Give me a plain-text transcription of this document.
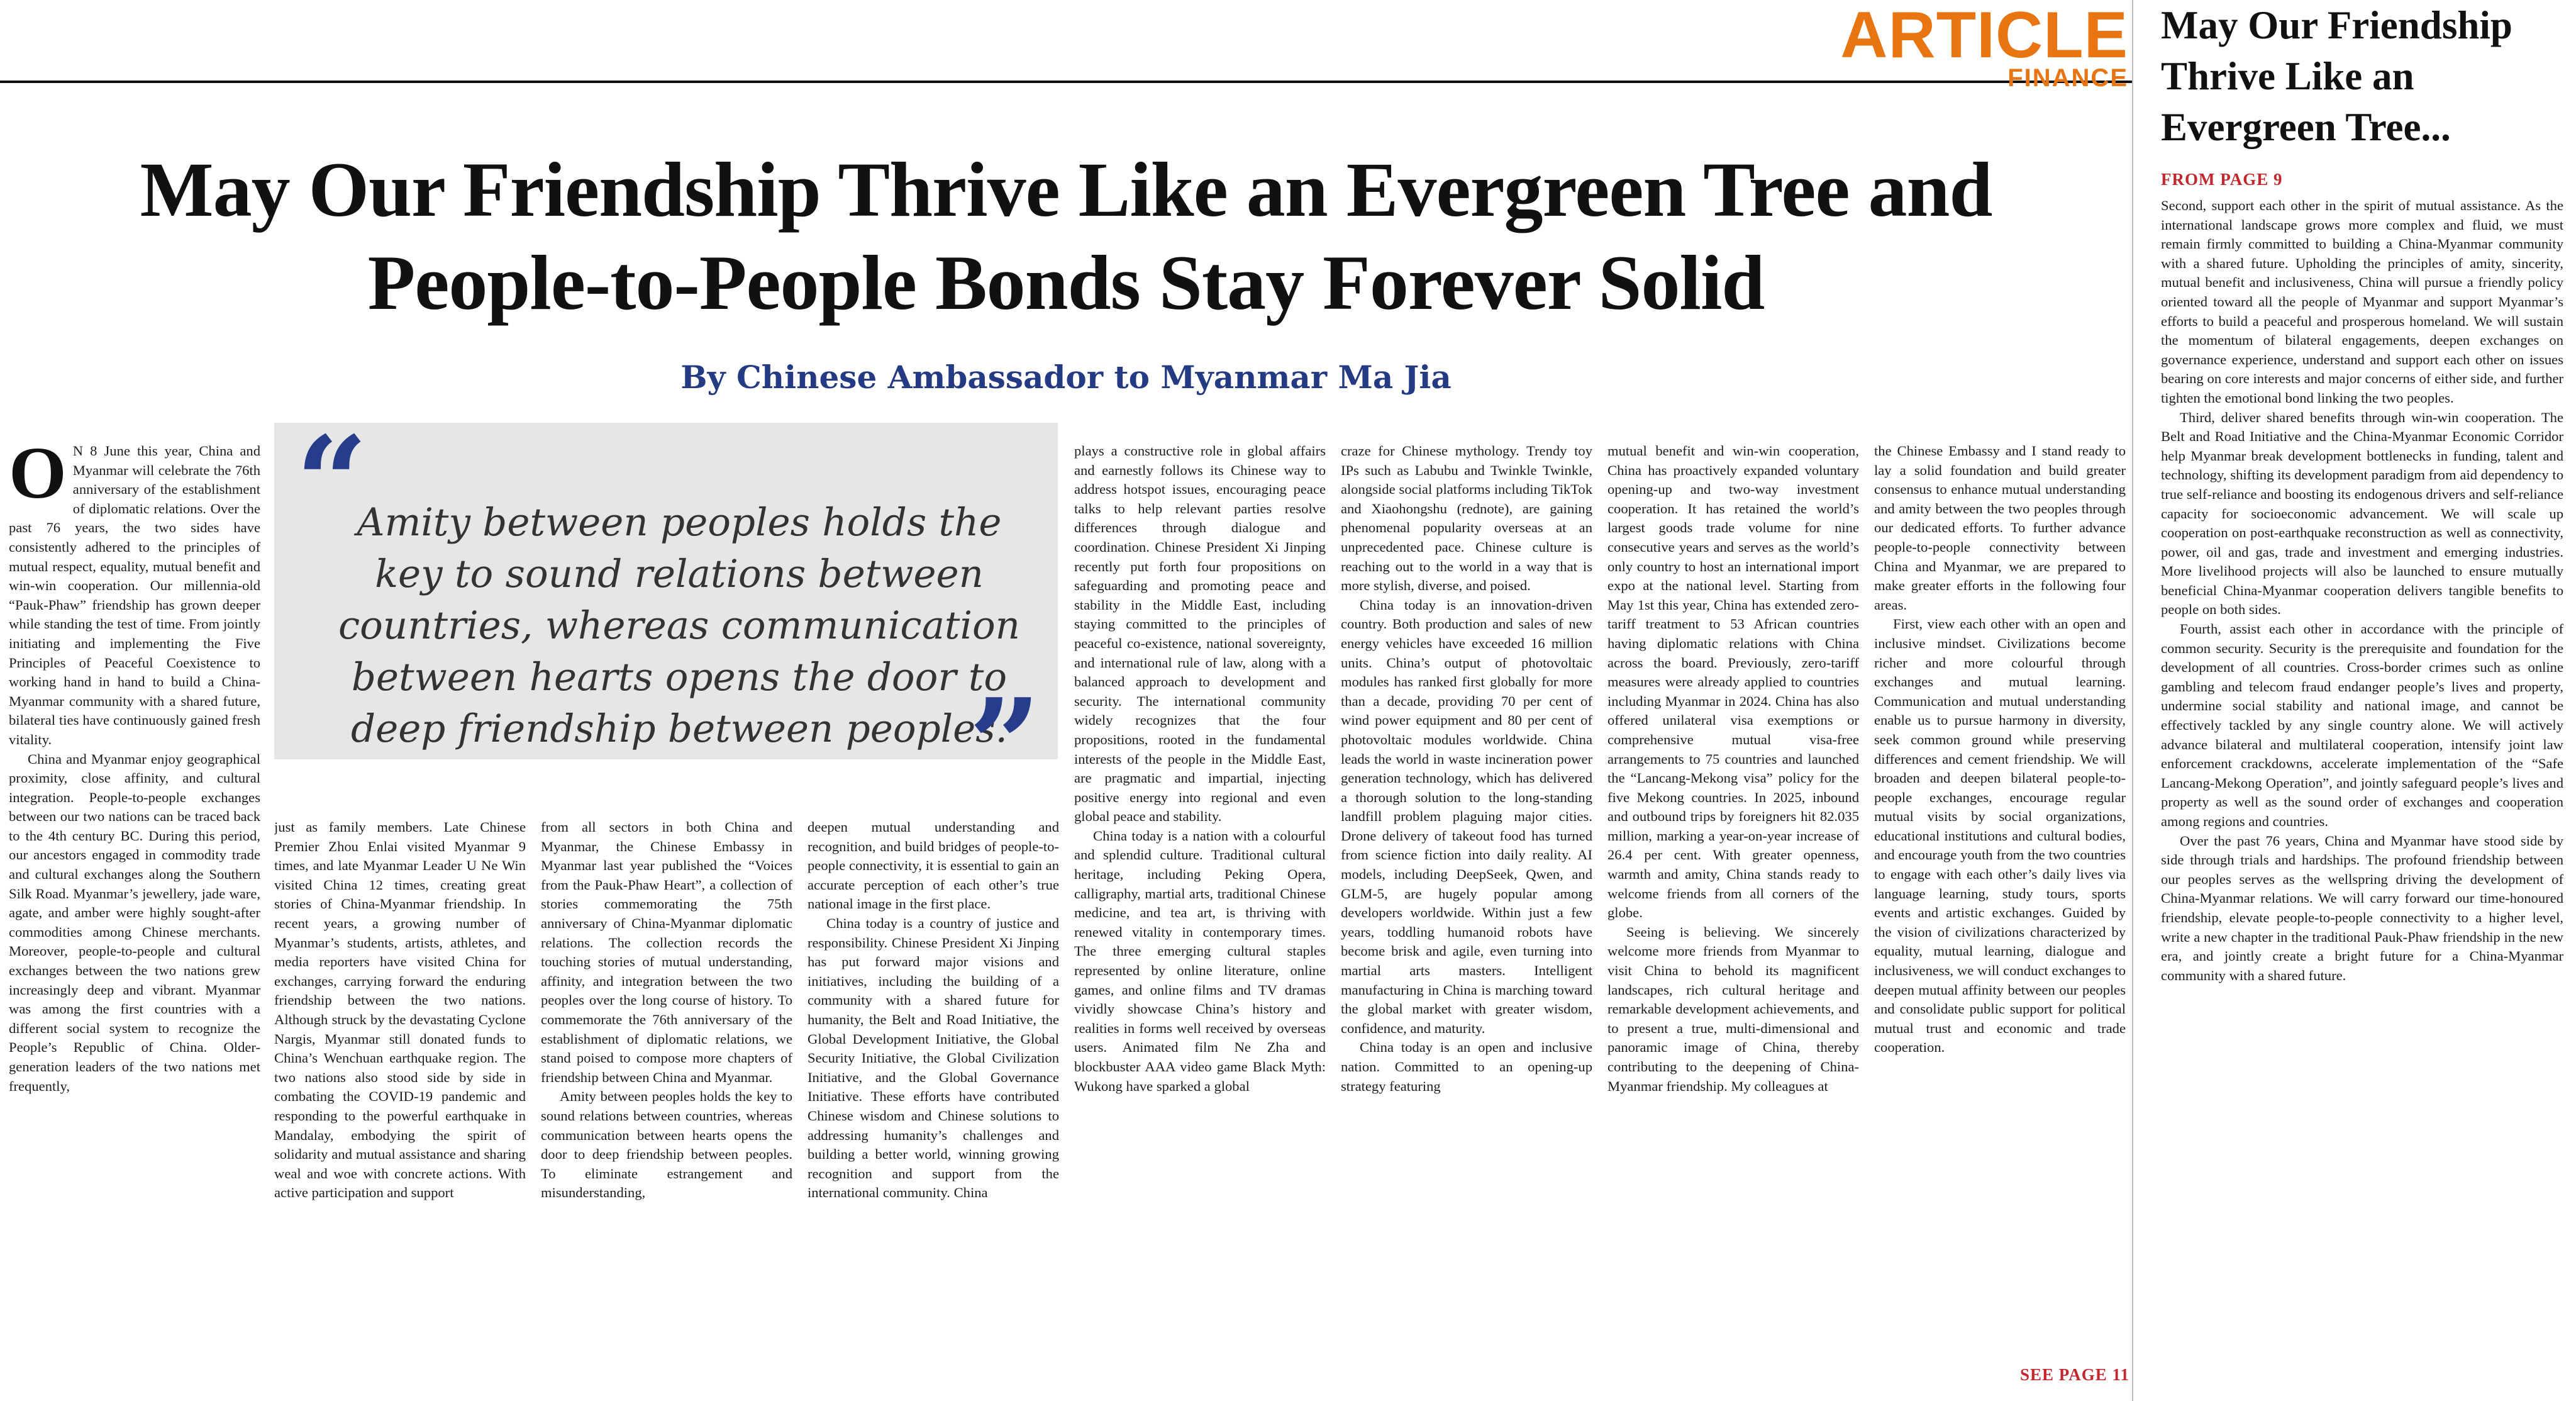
ARTICLE
FINANCE
May Our Friendship Thrive Like an Evergreen Tree and People-to-People Bonds Stay Forever Solid
By Chinese Ambassador to Myanmar Ma Jia

O N 8 June this year, China and Myanmar will celebrate the 76th anniversary of the establishment of diplomatic relations. Over the past 76 years, the two sides have consistently adhered to the principles of mutual respect, equality, mutual benefit and win-win cooperation. Our millennia-old “Pauk-Phaw” friendship has grown deeper while standing the test of time. From jointly initiating and implementing the Five Principles of Peaceful Coexistence to working hand in hand to build a China-Myanmar community with a shared future, bilateral ties have continuously gained fresh vitality.

China and Myanmar enjoy geographical proximity, close affinity, and cultural integration. People-to-people exchanges between our two nations can be traced back to the 4th century BC. During this period, our ancestors engaged in commodity trade and cultural exchanges along the Southern Silk Road. Myanmar’s jewellery, jade ware, agate, and amber were highly sought-after commodities among Chinese merchants. Moreover, people-to-people and cultural exchanges between the two nations grew increasingly deep and vibrant. Myanmar was among the first countries with a different social system to recognize the People’s Republic of China. Older-generation leaders of the two nations met frequently,

“
Amity between peoples holds the key to sound relations between countries, whereas communication between hearts opens the door to deep friendship between peoples.
”

just as family members. Late Chinese Premier Zhou Enlai visited Myanmar 9 times, and late Myanmar Leader U Ne Win visited China 12 times, creating great stories of China-Myanmar friendship. In recent years, a growing number of Myanmar’s students, artists, athletes, and media reporters have visited China for exchanges, carrying forward the enduring friendship between the two nations. Although struck by the devastating Cyclone Nargis, Myanmar still donated funds to China’s Wenchuan earthquake region. The two nations also stood side by side in combating the COVID-19 pandemic and responding to the powerful earthquake in Mandalay, embodying the spirit of solidarity and mutual assistance and sharing weal and woe with concrete actions. With active participation and support

from all sectors in both China and Myanmar, the Chinese Embassy in Myanmar last year published the “Voices from the Pauk-Phaw Heart”, a collection of stories commemorating the 75th anniversary of China-Myanmar diplomatic relations. The collection records the touching stories of mutual understanding, affinity, and integration between the two peoples over the long course of history. To commemorate the 76th anniversary of the establishment of diplomatic relations, we stand poised to compose more chapters of friendship between China and Myanmar.

Amity between peoples holds the key to sound relations between countries, whereas communication between hearts opens the door to deep friendship between peoples. To eliminate estrangement and misunderstanding,

deepen mutual understanding and recognition, and build bridges of people-to-people connectivity, it is essential to gain an accurate perception of each other’s true national image in the first place.

China today is a country of justice and responsibility. Chinese President Xi Jinping has put forward major visions and initiatives, including the building of a community with a shared future for humanity, the Belt and Road Initiative, the Global Development Initiative, the Global Security Initiative, the Global Civilization Initiative, and the Global Governance Initiative. These efforts have contributed Chinese wisdom and Chinese solutions to addressing humanity’s challenges and building a better world, winning growing recognition and support from the international community. China

plays a constructive role in global affairs and earnestly follows its Chinese way to address hotspot issues, encouraging peace talks to help relevant parties resolve differences through dialogue and coordination. Chinese President Xi Jinping recently put forth four propositions on safeguarding and promoting peace and stability in the Middle East, including staying committed to the principles of peaceful co-existence, national sovereignty, and international rule of law, along with a balanced approach to development and security. The international community widely recognizes that the four propositions, rooted in the fundamental interests of the people in the Middle East, are pragmatic and impartial, injecting positive energy into regional and even global peace and stability.

China today is a nation with a colourful and splendid culture. Traditional cultural heritage, including Peking Opera, calligraphy, martial arts, traditional Chinese medicine, and tea art, is thriving with renewed vitality in contemporary times. The three emerging cultural staples represented by online literature, online games, and online films and TV dramas vividly showcase China’s history and realities in forms well received by overseas users. Animated film Ne Zha and blockbuster AAA video game Black Myth: Wukong have sparked a global

craze for Chinese mythology. Trendy toy IPs such as Labubu and Twinkle Twinkle, alongside social platforms including TikTok and Xiaohongshu (rednote), are gaining phenomenal popularity overseas at an unprecedented pace. Chinese culture is reaching out to the world in a way that is more stylish, diverse, and poised.

China today is an innovation-driven country. Both production and sales of new energy vehicles have exceeded 16 million units. China’s output of photovoltaic modules has ranked first globally for more than a decade, providing 70 per cent of wind power equipment and 80 per cent of photovoltaic modules worldwide. China leads the world in waste incineration power generation technology, which has delivered a thorough solution to the long-standing landfill problem plaguing major cities. Drone delivery of takeout food has turned from science fiction into daily reality. AI models, including DeepSeek, Qwen, and GLM-5, are hugely popular among developers worldwide. Within just a few years, toddling humanoid robots have become brisk and agile, even turning into martial arts masters. Intelligent manufacturing in China is marching toward the global market with greater wisdom, confidence, and maturity.

China today is an open and inclusive nation. Committed to an opening-up strategy featuring

mutual benefit and win-win cooperation, China has proactively expanded voluntary opening-up and two-way investment cooperation. It has retained the world’s largest goods trade volume for nine consecutive years and serves as the world’s only country to host an international import expo at the national level. Starting from May 1st this year, China has extended zero-tariff treatment to 53 African countries having diplomatic relations with China across the board. Previously, zero-tariff measures were already applied to countries including Myanmar in 2024. China has also offered unilateral visa exemptions or comprehensive mutual visa-free arrangements to 75 countries and launched the “Lancang-Mekong visa” policy for the five Mekong countries. In 2025, inbound and outbound trips by foreigners hit 82.035 million, marking a year-on-year increase of 26.4 per cent. With greater openness, warmth and amity, China stands ready to welcome friends from all corners of the globe.

Seeing is believing. We sincerely welcome more friends from Myanmar to visit China to behold its magnificent landscapes, rich cultural heritage and remarkable development achievements, and to present a true, multi-dimensional and panoramic image of China, thereby contributing to the deepening of China-Myanmar friendship. My colleagues at

the Chinese Embassy and I stand ready to lay a solid foundation and build greater consensus to enhance mutual understanding and amity between the two peoples through our dedicated efforts. To further advance people-to-people connectivity between China and Myanmar, we are prepared to make greater efforts in the following four areas.

First, view each other with an open and inclusive mindset. Civilizations become richer and more colourful through exchanges and mutual learning. Communication and mutual understanding enable us to pursue harmony in diversity, seek common ground while preserving differences and cement friendship. We will broaden and deepen bilateral people-to-people exchanges, encourage regular mutual visits by social organizations, educational institutions and cultural bodies, and encourage youth from the two countries to engage with each other’s daily lives via language learning, study tours, sports events and artistic exchanges. Guided by the vision of civilizations characterized by equality, mutual learning, dialogue and inclusiveness, we will conduct exchanges to deepen mutual affinity between our peoples and consolidate public support for political mutual trust and economic and trade cooperation.

SEE PAGE 11
May Our Friendship Thrive Like an Evergreen Tree...
FROM PAGE 9

Second, support each other in the spirit of mutual assistance. As the international landscape grows more complex and fluid, we must remain firmly committed to building a China-Myanmar community with a shared future. Upholding the principles of amity, sincerity, mutual benefit and inclusiveness, China will pursue a friendly policy oriented toward all the people of Myanmar and support Myanmar’s efforts to build a peaceful and prosperous homeland. We will sustain the momentum of bilateral engagements, deepen exchanges on governance experience, understand and support each other on issues bearing on core interests and major concerns of either side, and further tighten the emotional bond linking the two peoples.

Third, deliver shared benefits through win-win cooperation. The Belt and Road Initiative and the China-Myanmar Economic Corridor help Myanmar break development bottlenecks in funding, talent and technology, shifting its development paradigm from aid dependency to true self-reliance and boosting its endogenous drivers and self-reliance capacity for socioeconomic advancement. We will scale up cooperation on post-earthquake reconstruction as well as connectivity, power, oil and gas, trade and investment and emerging industries. More livelihood projects will also be launched to ensure mutually beneficial China-Myanmar cooperation delivers tangible benefits to people on both sides.

Fourth, assist each other in accordance with the principle of common security. Security is the prerequisite and foundation for the development of all countries. Cross-border crimes such as online gambling and telecom fraud endanger people’s lives and property, undermine social stability and national image, and cannot be effectively tackled by any single country alone. We will actively advance bilateral and multilateral cooperation, intensify joint law enforcement crackdowns, accelerate implementation of the “Safe Lancang-Mekong Operation”, and jointly safeguard people’s lives and property as well as the sound order of exchanges and cooperation among regions and countries.

Over the past 76 years, China and Myanmar have stood side by side through trials and hardships. The profound friendship between our peoples serves as the wellspring driving the development of China-Myanmar relations. We will carry forward our time-honoured friendship, elevate people-to-people connectivity to a higher level, write a new chapter in the traditional Pauk-Phaw friendship in the new era, and jointly create a bright future for a China-Myanmar community with a shared future.
